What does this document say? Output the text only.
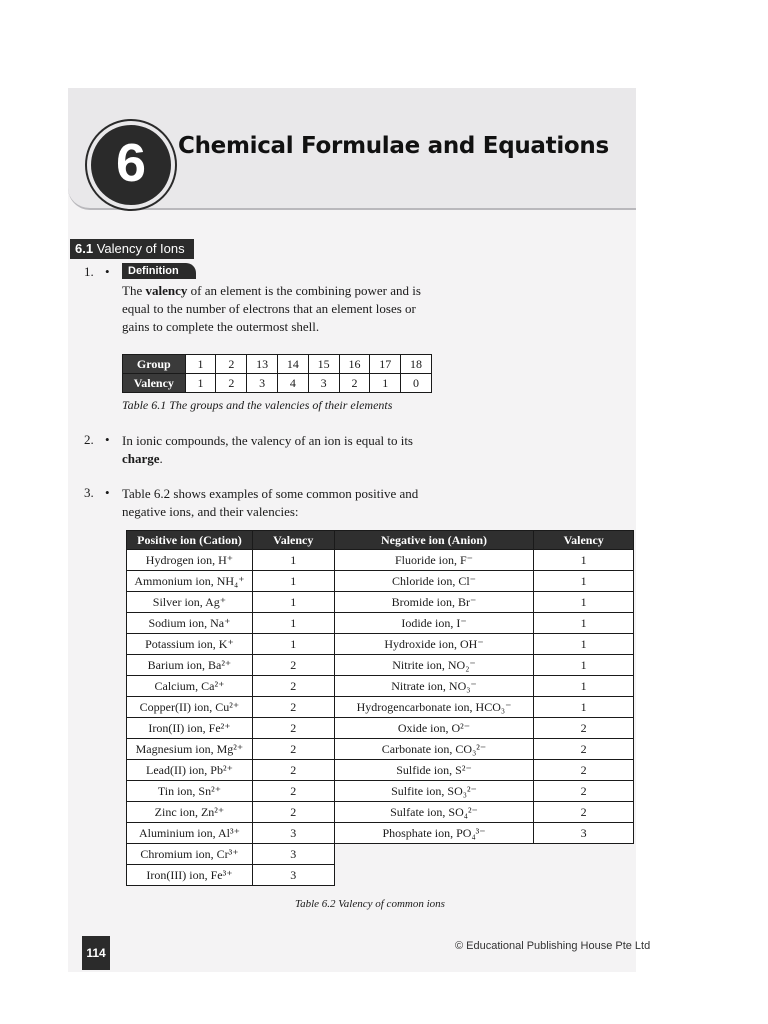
6	Chemical Formulae and Equations
6.1 Valency of Ions
1. •	Definition
The valency of an element is the combining power and is equal to the number of electrons that an element loses or gains to complete the outermost shell.
Group	1	2	13	14	15	16	17	18
Valency	1	2	3	4	3	2	1	0
Table 6.1 The groups and the valencies of their elements
2. • In ionic compounds, the valency of an ion is equal to its charge.
3. • Table 6.2 shows examples of some common positive and negative ions, and their valencies:
Positive ion (Cation)	Valency	Negative ion (Anion)	Valency
Hydrogen ion, H⁺	1	Fluoride ion, F⁻	1
Ammonium ion, NH₄⁺	1	Chloride ion, Cl⁻	1
Silver ion, Ag⁺	1	Bromide ion, Br⁻	1
Sodium ion, Na⁺	1	Iodide ion, I⁻	1
Potassium ion, K⁺	1	Hydroxide ion, OH⁻	1
Barium ion, Ba²⁺	2	Nitrite ion, NO₂⁻	1
Calcium, Ca²⁺	2	Nitrate ion, NO₃⁻	1
Copper(II) ion, Cu²⁺	2	Hydrogencarbonate ion, HCO₃⁻	1
Iron(II) ion, Fe²⁺	2	Oxide ion, O²⁻	2
Magnesium ion, Mg²⁺	2	Carbonate ion, CO₃²⁻	2
Lead(II) ion, Pb²⁺	2	Sulfide ion, S²⁻	2
Tin ion, Sn²⁺	2	Sulfite ion, SO₃²⁻	2
Zinc ion, Zn²⁺	2	Sulfate ion, SO₄²⁻	2
Aluminium ion, Al³⁺	3	Phosphate ion, PO₄³⁻	3
Chromium ion, Cr³⁺	3		
Iron(III) ion, Fe³⁺	3		
Table 6.2 Valency of common ions
114	© Educational Publishing House Pte Ltd
